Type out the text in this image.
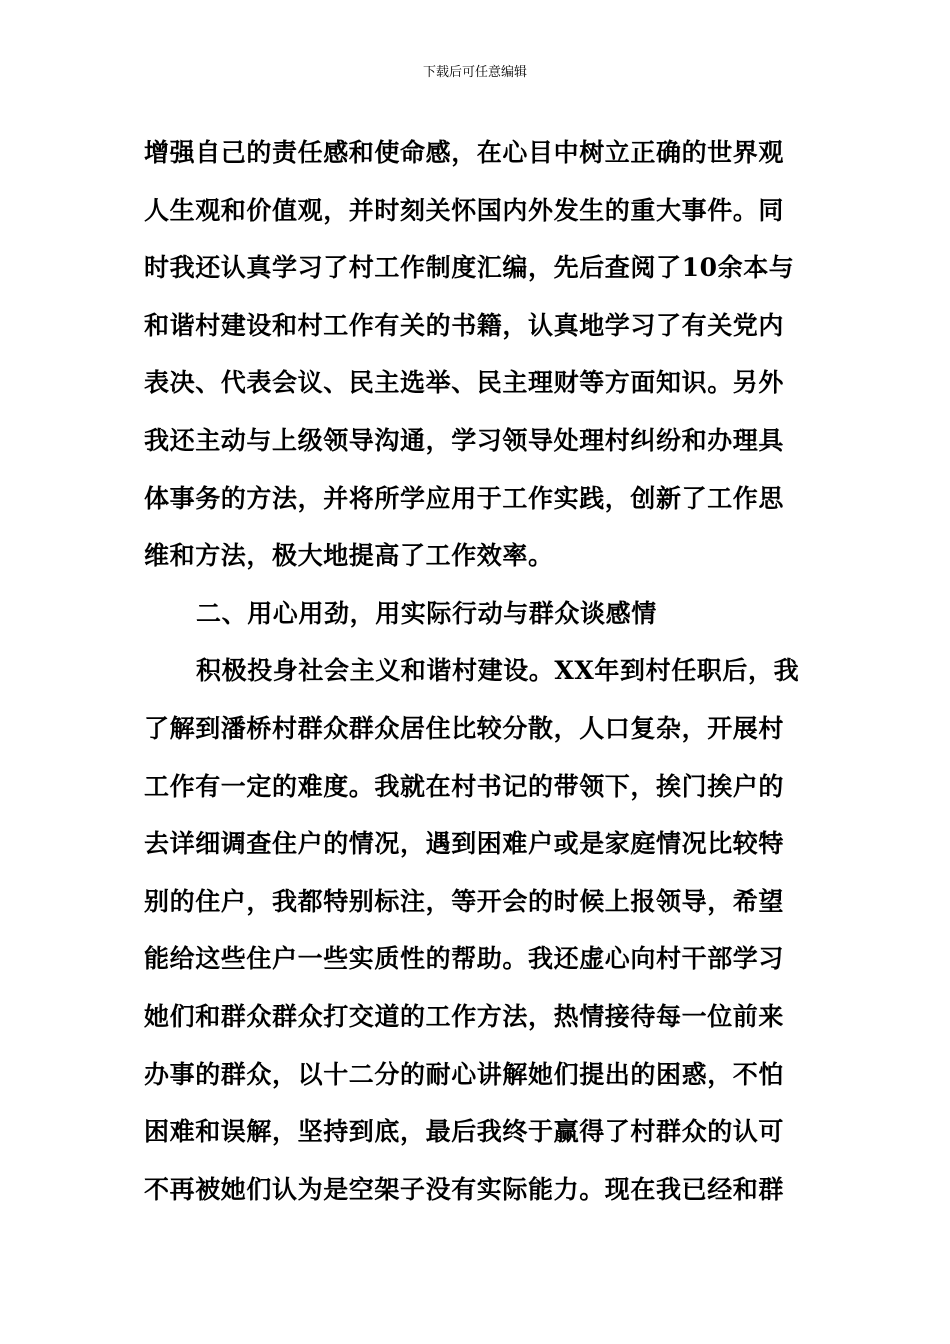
下载后可任意编辑
增强自己的责任感和使命感，在心目中树立正确的世界观
人生观和价值观，并时刻关怀国内外发生的重大事件。同
时我还认真学习了村工作制度汇编，先后查阅了10余本与
和谐村建设和村工作有关的书籍，认真地学习了有关党内
表决、代表会议、民主选举、民主理财等方面知识。另外
我还主动与上级领导沟通，学习领导处理村纠纷和办理具
体事务的方法，并将所学应用于工作实践，创新了工作思
维和方法，极大地提高了工作效率。
二、用心用劲，用实际行动与群众谈感情
积极投身社会主义和谐村建设。XX年到村任职后，我
了解到潘桥村群众群众居住比较分散，人口复杂，开展村
工作有一定的难度。我就在村书记的带领下，挨门挨户的
去详细调查住户的情况，遇到困难户或是家庭情况比较特
别的住户，我都特别标注，等开会的时候上报领导，希望
能给这些住户一些实质性的帮助。我还虚心向村干部学习
她们和群众群众打交道的工作方法，热情接待每一位前来
办事的群众，以十二分的耐心讲解她们提出的困惑，不怕
困难和误解，坚持到底，最后我终于赢得了村群众的认可
不再被她们认为是空架子没有实际能力。现在我已经和群
